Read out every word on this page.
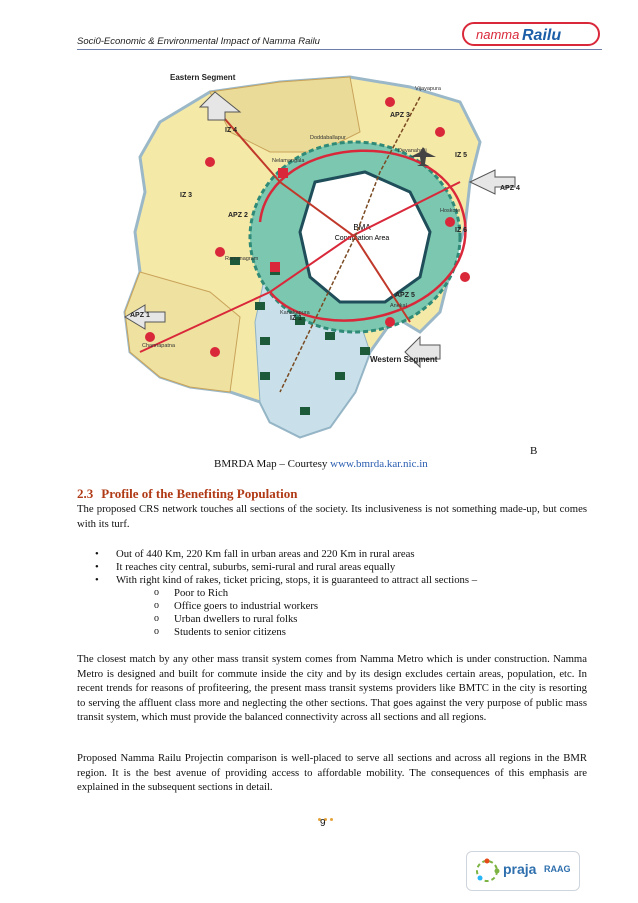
Soci0-Economic & Environmental Impact of Namma Railu	namma Railu
BMA
Conurbation Area
Eastern Segment
Western Segment
IZ 4
IZ 3
IZ 5
IZ 6
IZ 1
APZ 1
APZ 2
APZ 3
APZ 4
APZ 5
Doddaballapur
Vijayapura
Devanahalli
Hoskote
Ramanagram
Channapatna
Kanakapura
Anekal
Nelamangala
B
BMRDA Map – Courtesy www.bmrda.kar.nic.in
2.3 Profile of the Benefiting Population
The proposed CRS network touches all sections of the society. Its inclusiveness is not something made-up, but comes with its turf.
• Out of 440 Km, 220 Km fall in urban areas and 220 Km in rural areas
• It reaches city central, suburbs, semi-rural and rural areas equally
• With right kind of rakes, ticket pricing, stops, it is guaranteed to attract all sections –
o Poor to Rich
o Office goers to industrial workers
o Urban dwellers to rural folks
o Students to senior citizens
The closest match by any other mass transit system comes from Namma Metro which is under construction. Namma Metro is designed and built for commute inside the city and by its design excludes certain areas, population, etc. In recent trends for reasons of profiteering, the present mass transit systems providers like BMTC in the city is resorting to serving the affluent class more and neglecting the other sections. That goes against the very purpose of public mass transit system, which must provide the balanced connectivity across all sections and all regions.
Proposed Namma Railu Projectin comparison is well-placed to serve all sections and across all regions in the BMR region. It is the best avenue of providing access to affordable mobility. The consequences of this emphasis are explained in the subsequent sections in detail.
9
praja RAAG
